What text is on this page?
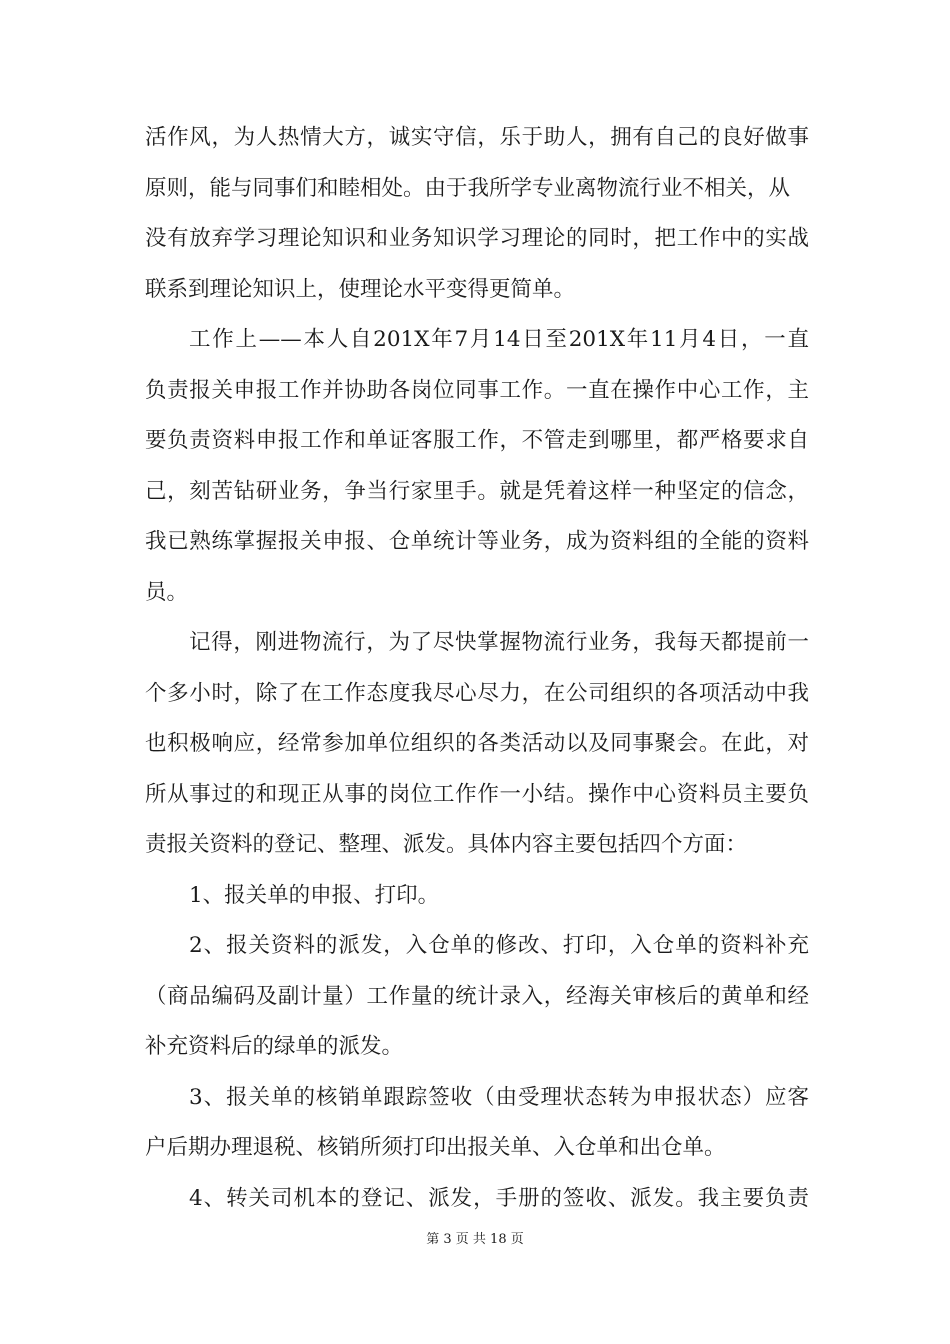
活作风，为人热情大方，诚实守信，乐于助人，拥有自己的良好做事
原则，能与同事们和睦相处。由于我所学专业离物流行业不相关，从
没有放弃学习理论知识和业务知识学习理论的同时，把工作中的实战
联系到理论知识上，使理论水平变得更简单。
工作上——本人自201X年7月14日至201X年11月4日，一直
负责报关申报工作并协助各岗位同事工作。一直在操作中心工作，主
要负责资料申报工作和单证客服工作，不管走到哪里，都严格要求自
己，刻苦钻研业务，争当行家里手。就是凭着这样一种坚定的信念，
我已熟练掌握报关申报、仓单统计等业务，成为资料组的全能的资料
员。
记得，刚进物流行，为了尽快掌握物流行业务，我每天都提前一
个多小时，除了在工作态度我尽心尽力，在公司组织的各项活动中我
也积极响应，经常参加单位组织的各类活动以及同事聚会。在此，对
所从事过的和现正从事的岗位工作作一小结。操作中心资料员主要负
责报关资料的登记、整理、派发。具体内容主要包括四个方面：
1、报关单的申报、打印。
2、报关资料的派发，入仓单的修改、打印，入仓单的资料补充
（商品编码及副计量）工作量的统计录入，经海关审核后的黄单和经
补充资料后的绿单的派发。
3、报关单的核销单跟踪签收（由受理状态转为申报状态）应客
户后期办理退税、核销所须打印出报关单、入仓单和出仓单。
4、转关司机本的登记、派发，手册的签收、派发。我主要负责
第 3 页 共 18 页
